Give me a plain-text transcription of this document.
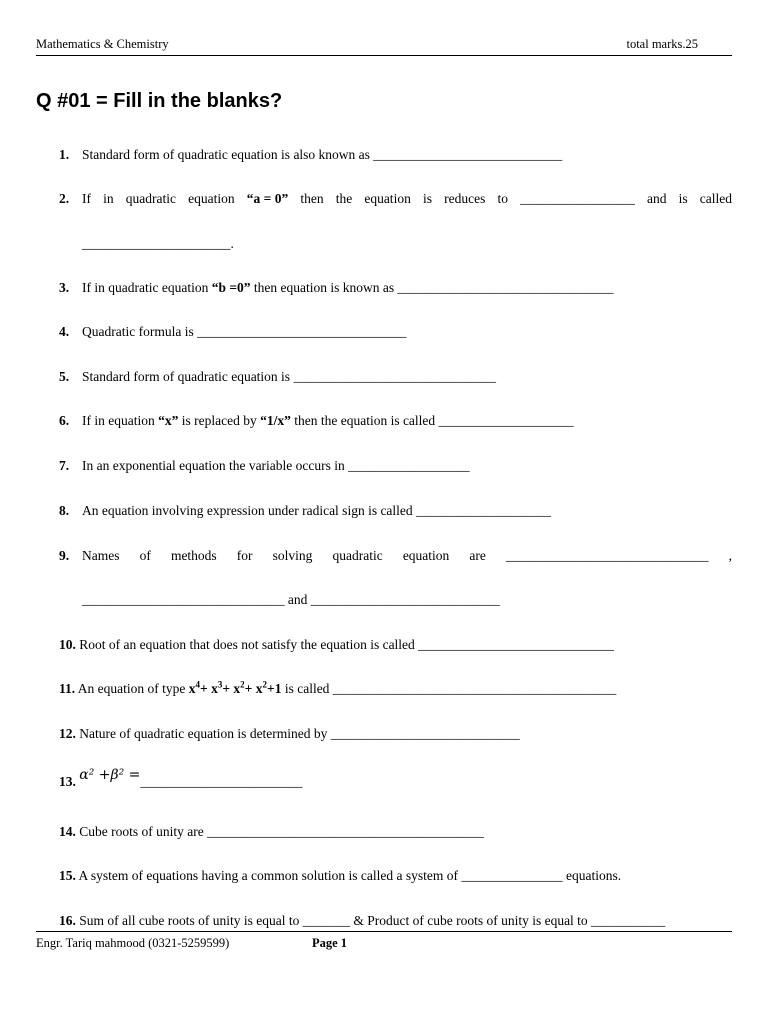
Mathematics & Chemistry	total marks.25
Q #01 = Fill in the blanks?
1. Standard form of quadratic equation is also known as ____________________________
2. If in quadratic equation “a = 0” then the equation is reduces to _________________ and is called
______________________.
3. If in quadratic equation “b =0” then equation is known as ________________________________
4. Quadratic formula is _______________________________
5. Standard form of quadratic equation is ______________________________
6. If in equation “x” is replaced by “1/x” then the equation is called ____________________
7. In an exponential equation the variable occurs in __________________
8. An equation involving expression under radical sign is called ____________________
9. Names of methods for solving quadratic equation are ______________________________ ,
______________________________ and ____________________________
10. Root of an equation that does not satisfy the equation is called _____________________________
11. An equation of type $x^4+ x^3+ x^2+ x^2+1$ is called __________________________________________
12. Nature of quadratic equation is determined by ____________________________
13. α² +β² =________________________
14. Cube roots of unity are _________________________________________
15. A system of equations having a common solution is called a system of _______________ equations.
16. Sum of all cube roots of unity is equal to _______ & Product of cube roots of unity is equal to ___________
Engr. Tariq mahmood (0321-5259599)	Page 1
